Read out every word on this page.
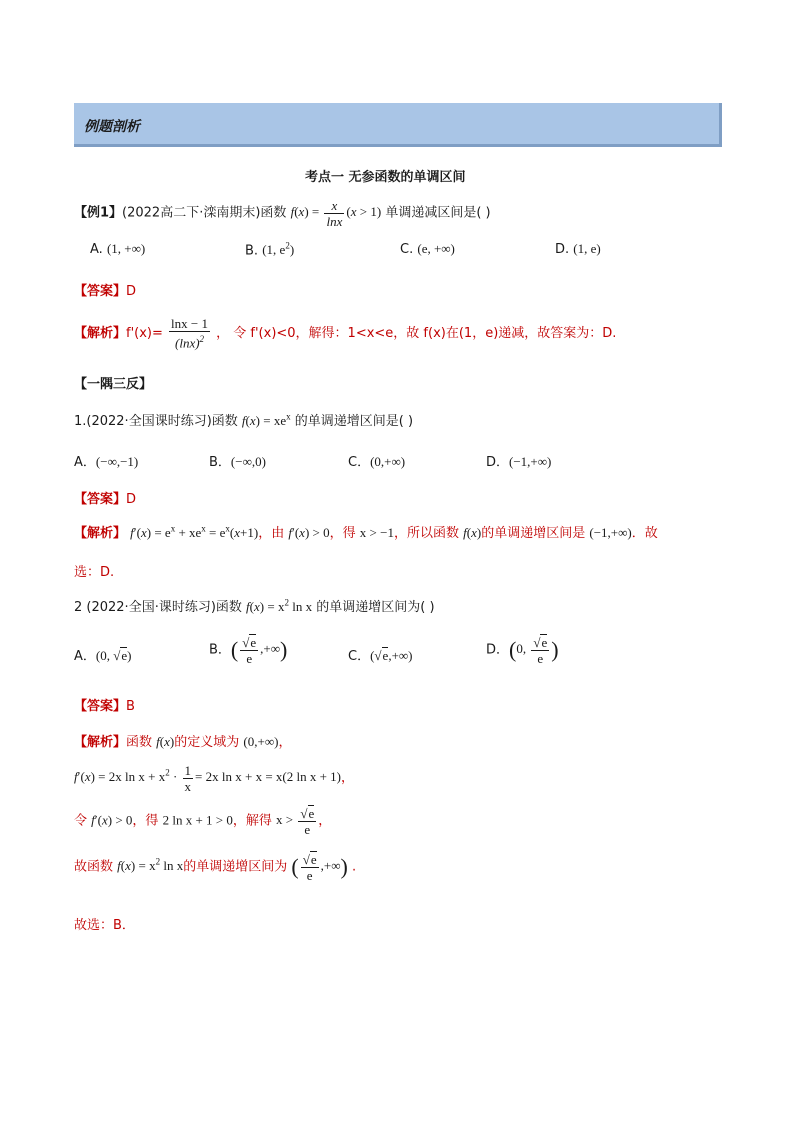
例题剖析
考点一 无参函数的单调区间
【例1】(2022高二下·滦南期末)函数 $f(x) = \frac{x}{\ln x} (x > 1)$ 单调递减区间是( )
A. (1, +∞)	B. (1, $e^2$)	C. (e, +∞)	D. (1, e)
【答案】D
【解析】$f'(x)= \frac{\ln x - 1}{(\ln x)^2}$ ， 令 f'(x)<0，解得：1<x<e，故 f(x)在(1，e)递减，故答案为：D.
【一隅三反】
1.(2022·全国课时练习)函数 $f(x) = xe^x$ 的单调递增区间是( )
A．(−∞,−1)	B．(−∞,0)	C．(0,+∞)	D．(−1,+∞)
【答案】D
【解析】 $f'(x) = e^x + xe^x = e^x(x+1)$，由 f′(x) > 0，得 x > −1，所以函数 f(x)的单调递增区间是 (−1,+∞)．故
选：D.
2 (2022·全国·课时练习)函数 $f(x) = x^2$ ln x 的单调递增区间为( )
A．(0, √e)	B．( $\frac{√e}{e}$ ,+∞)	C．(√e,+∞)	D．(0, $\frac{√e}{e}$ )
【答案】B
【解析】函数 f(x)的定义域为 (0,+∞)，
f′(x) = 2x $\ln x + x^2 \cdot \frac{1}{x} = 2x$ ln x + x = x(2 ln x + 1)，
令 f′(x) > 0，得 2 ln x + 1 > 0，解得 $x > \frac{√e}{e}$ ，
故函数 $f(x) = x^2$ ln x的单调递增区间为 ( $\frac{√e}{e}$ ,+∞) .
故选：B．
